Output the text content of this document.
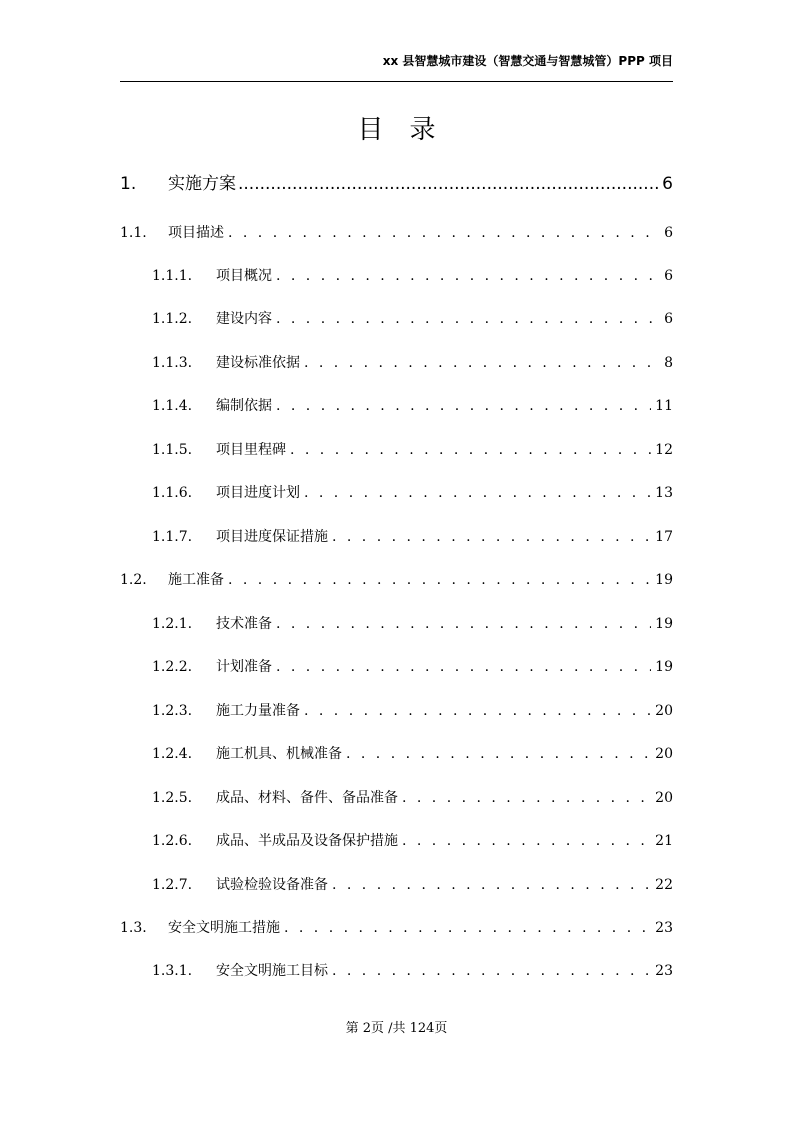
xx 县智慧城市建设（智慧交通与智慧城管）PPP 项目
目录
1.	实施方案 .....	6
1.1.	项目描述 . . .	6
1.1.1.	项目概况 . . .	6
1.1.2.	建设内容 . . .	6
1.1.3.	建设标准依据 . . .	8
1.1.4.	编制依据 . . .	11
1.1.5.	项目里程碑 . . .	12
1.1.6.	项目进度计划 . . .	13
1.1.7.	项目进度保证措施 . . .	17
1.2.	施工准备 . . .	19
1.2.1.	技术准备 . . .	19
1.2.2.	计划准备 . . .	19
1.2.3.	施工力量准备 . . .	20
1.2.4.	施工机具、机械准备 . . .	20
1.2.5.	成品、材料、备件、备品准备 . . .	20
1.2.6.	成品、半成品及设备保护措施 . . .	21
1.2.7.	试验检验设备准备 . . .	22
1.3.	安全文明施工措施 . . .	23
1.3.1.	安全文明施工目标 . . .	23
第 2页 /共 124页
